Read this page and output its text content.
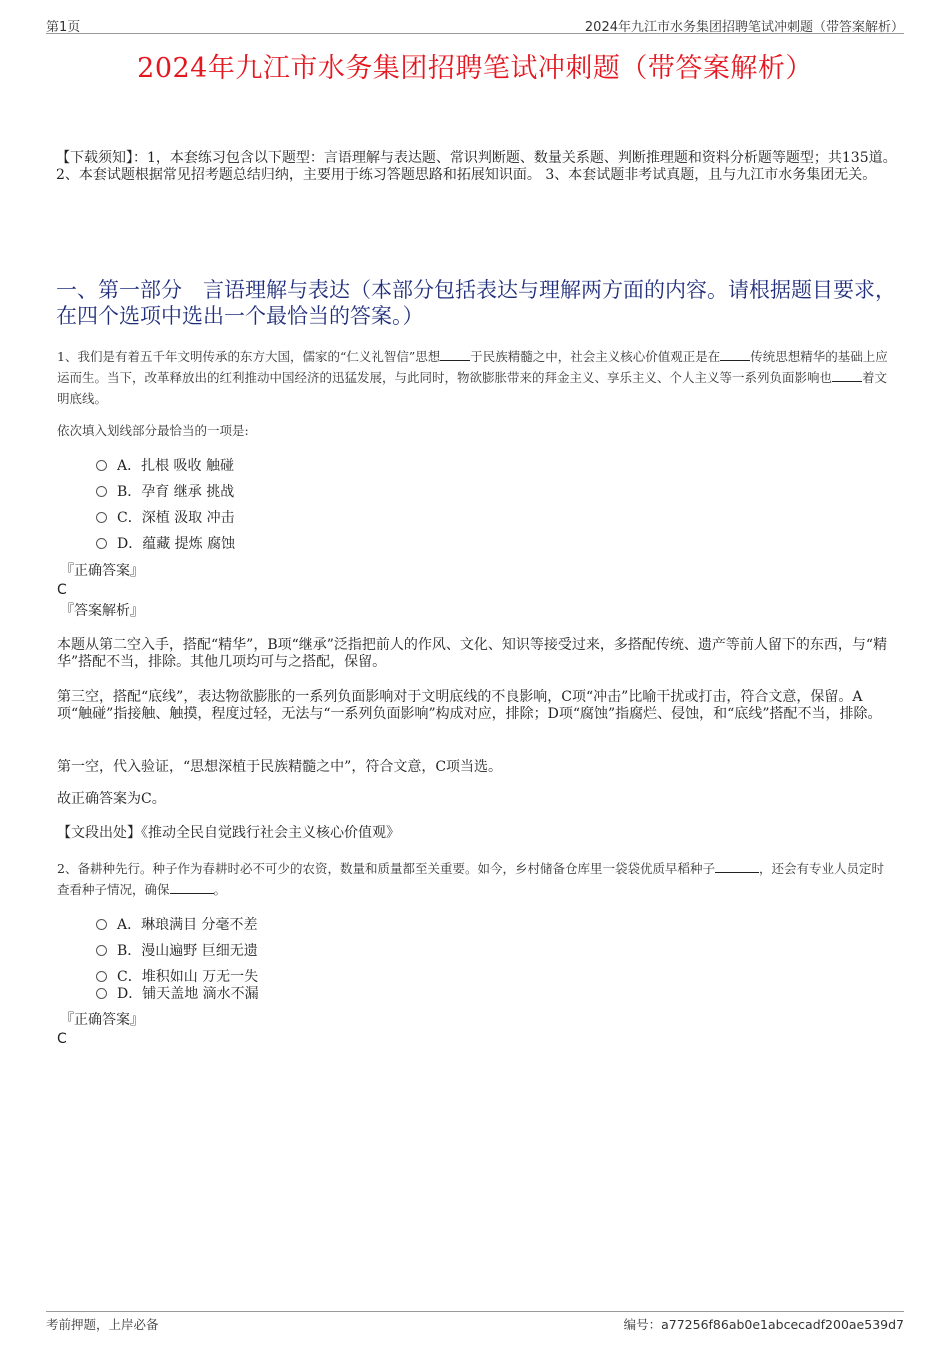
第1页	2024年九江市水务集团招聘笔试冲刺题（带答案解析）
2024年九江市水务集团招聘笔试冲刺题（带答案解析）
【下载须知】：1，本套练习包含以下题型：言语理解与表达题、常识判断题、数量关系题、判断推理题和资料分析题等题型；共135道。 2、本套试题根据常见招考题总结归纳，主要用于练习答题思路和拓展知识面。 3、本套试题非考试真题，且与九江市水务集团无关。
一、第一部分　言语理解与表达（本部分包括表达与理解两方面的内容。请根据题目要求，在四个选项中选出一个最恰当的答案。）
1、我们是有着五千年文明传承的东方大国，儒家的“仁义礼智信”思想 于民族精髓之中，社会主义核心价值观正是在 传统思想精华的基础上应运而生。当下，改革释放出的红利推动中国经济的迅猛发展，与此同时，物欲膨胀带来的拜金主义、享乐主义、个人主义等一系列负面影响也 着文明底线。
依次填入划线部分最恰当的一项是:
A．扎根 吸收 触碰
B．孕育 继承 挑战
C．深植 汲取 冲击
D．蕴藏 提炼 腐蚀
『正确答案』
C
『答案解析』
本题从第二空入手，搭配“精华”，B项“继承”泛指把前人的作风、文化、知识等接受过来，多搭配传统、遗产等前人留下的东西，与“精华”搭配不当，排除。其他几项均可与之搭配，保留。
第三空，搭配“底线”，表达物欲膨胀的一系列负面影响对于文明底线的不良影响，C项“冲击”比喻干扰或打击，符合文意，保留。A项“触碰”指接触、触摸，程度过轻，无法与“一系列负面影响”构成对应，排除；D项“腐蚀”指腐烂、侵蚀，和“底线”搭配不当，排除。
第一空，代入验证，“思想深植于民族精髓之中”，符合文意，C项当选。
故正确答案为C。
【文段出处】《推动全民自觉践行社会主义核心价值观》
2、备耕种先行。种子作为春耕时必不可少的农资，数量和质量都至关重要。如今，乡村储备仓库里一袋袋优质早稻种子	，还会有专业人员定时查看种子情况，确保	。
A．琳琅满目 分毫不差
B．漫山遍野 巨细无遗
C．堆积如山 万无一失
D．铺天盖地 滴水不漏
『正确答案』
C
考前押题，上岸必备	编号：a77256f86ab0e1abcecadf200ae539d7
